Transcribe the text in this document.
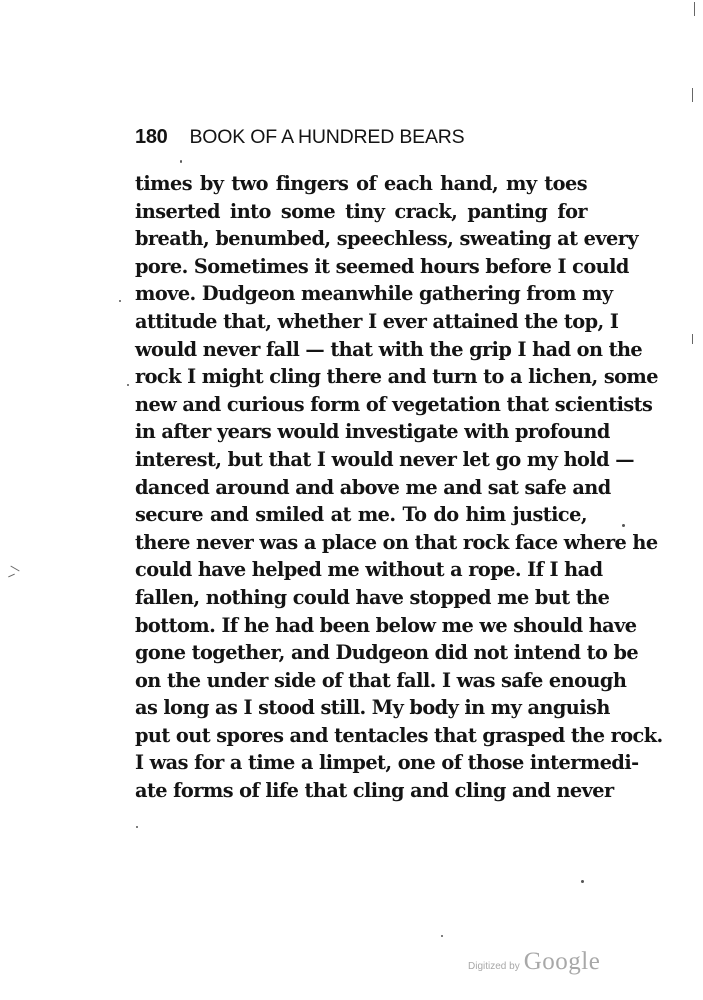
180 BOOK OF A HUNDRED BEARS
times by two fingers of each hand, my toes
inserted into some tiny crack, panting for
breath, benumbed, speechless, sweating at every
pore. Sometimes it seemed hours before I could
move. Dudgeon meanwhile gathering from my
attitude that, whether I ever attained the top, I
would never fall — that with the grip I had on the
rock I might cling there and turn to a lichen, some
new and curious form of vegetation that scientists
in after years would investigate with profound
interest, but that I would never let go my hold —
danced around and above me and sat safe and
secure and smiled at me. To do him justice,
there never was a place on that rock face where he
could have helped me without a rope. If I had
fallen, nothing could have stopped me but the
bottom. If he had been below me we should have
gone together, and Dudgeon did not intend to be
on the under side of that fall. I was safe enough
as long as I stood still. My body in my anguish
put out spores and tentacles that grasped the rock.
I was for a time a limpet, one of those intermedi-
ate forms of life that cling and cling and never
Digitized by Google
